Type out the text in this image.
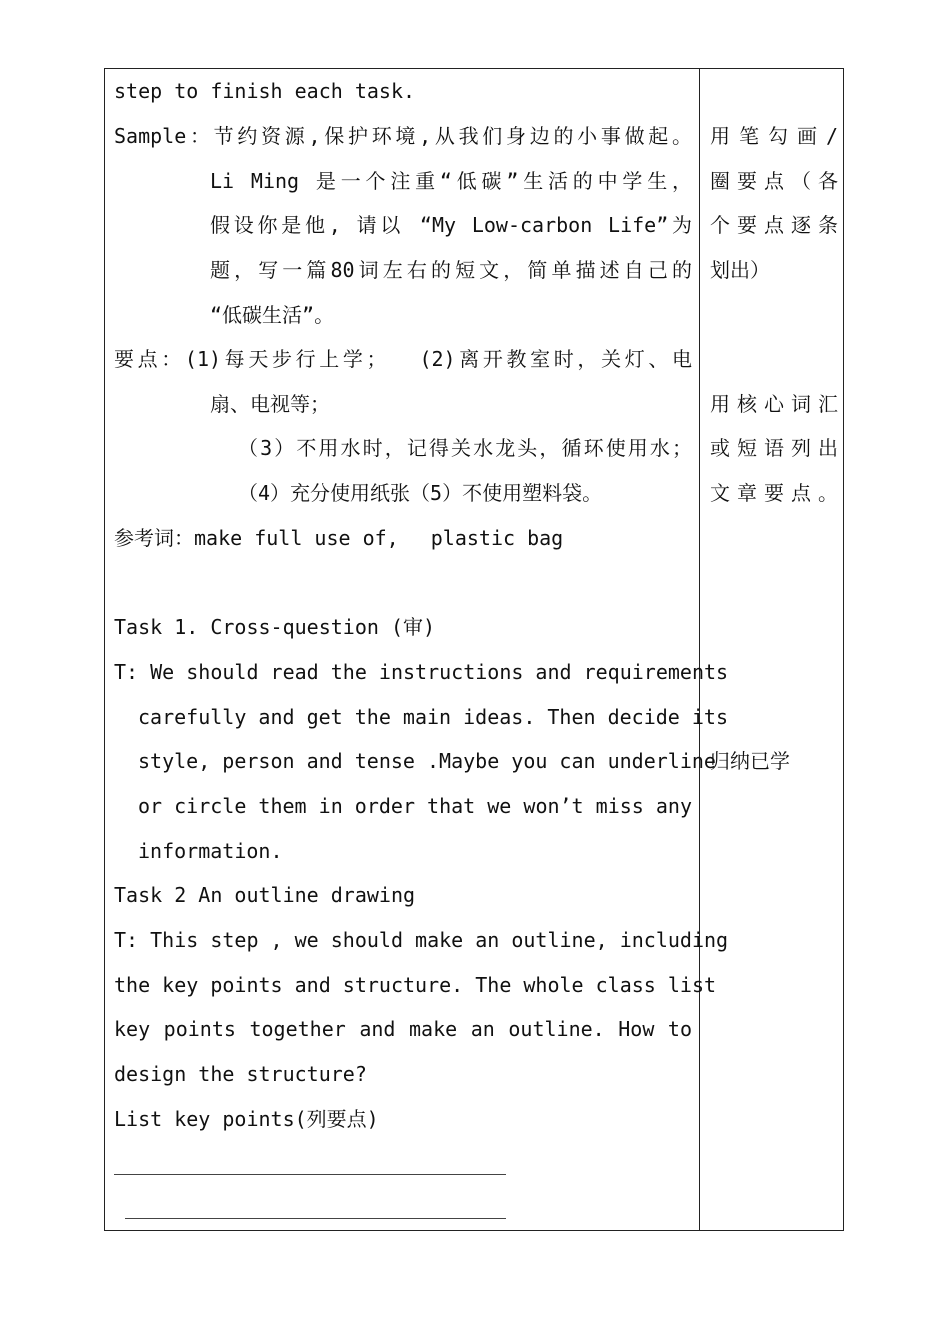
step to finish each task.
Sample：节约资源,保护环境,从我们身边的小事做起。
Li Ming 是一个注重“低碳”生活的中学生，
假设你是他, 请以 “My Low-carbon Life”为
题，写一篇80词左右的短文，简单描述自己的
“低碳生活”。
要点：(1)每天步行上学；　 (2)离开教室时，关灯、电
扇、电视等；
（3）不用水时，记得关水龙头，循环使用水；
（4）充分使用纸张（5）不使用塑料袋。
参考词：make full use of,　 plastic bag
Task 1. Cross-question (审)
T: We should read the instructions and requirements
carefully and get the main ideas. Then decide its
style, person and tense .Maybe you can underline
or circle them in order that we won’t miss any
information.
Task 2 An outline drawing
T: This step , we should make an outline, including
the key points and structure. The whole class list
key points together and make an outline. How to
design the structure?
List key points(列要点)
用笔勾画/
圈要点（各
个要点逐条
划出）
用核心词汇
或短语列出
文章要点。
归纳已学
